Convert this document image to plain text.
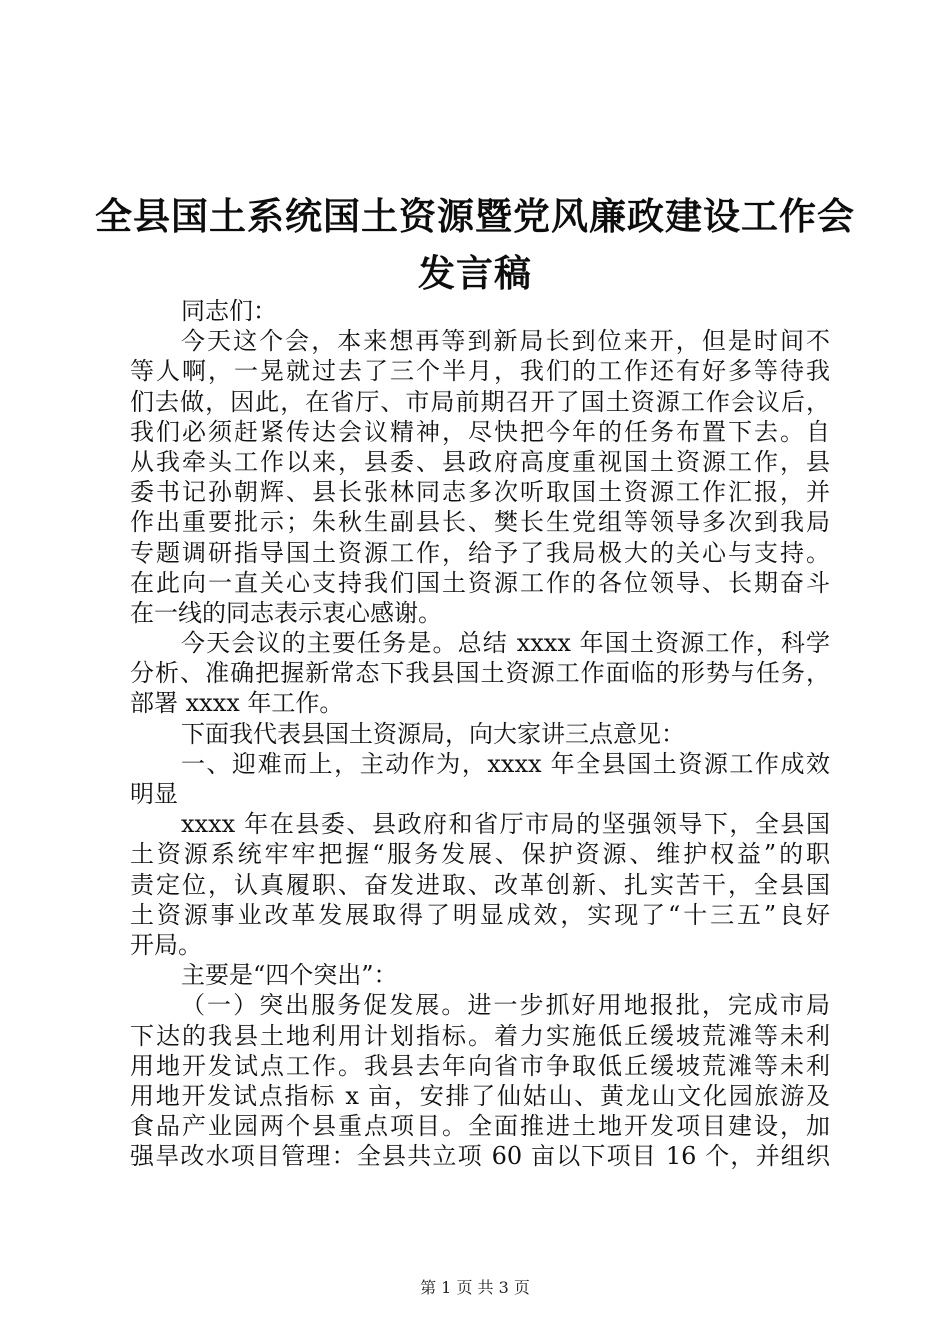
全县国土系统国土资源暨党风廉政建设工作会
发言稿
同志们：
今天这个会，本来想再等到新局长到位来开，但是时间不
等人啊，一晃就过去了三个半月，我们的工作还有好多等待我
们去做，因此，在省厅、市局前期召开了国土资源工作会议后，
我们必须赶紧传达会议精神，尽快把今年的任务布置下去。自
从我牵头工作以来，县委、县政府高度重视国土资源工作，县
委书记孙朝辉、县长张林同志多次听取国土资源工作汇报，并
作出重要批示；朱秋生副县长、樊长生党组等领导多次到我局
专题调研指导国土资源工作，给予了我局极大的关心与支持。
在此向一直关心支持我们国土资源工作的各位领导、长期奋斗
在一线的同志表示衷心感谢。
今天会议的主要任务是。总结 xxxx 年国土资源工作，科学
分析、准确把握新常态下我县国土资源工作面临的形势与任务，
部署 xxxx 年工作。
下面我代表县国土资源局，向大家讲三点意见：
一、迎难而上，主动作为，xxxx 年全县国土资源工作成效
明显
xxxx 年在县委、县政府和省厅市局的坚强领导下，全县国
土资源系统牢牢把握“服务发展、保护资源、维护权益”的职
责定位，认真履职、奋发进取、改革创新、扎实苦干，全县国
土资源事业改革发展取得了明显成效，实现了“十三五”良好
开局。
主要是“四个突出”：
（一）突出服务促发展。进一步抓好用地报批，完成市局
下达的我县土地利用计划指标。着力实施低丘缓坡荒滩等未利
用地开发试点工作。我县去年向省市争取低丘缓坡荒滩等未利
用地开发试点指标 x 亩，安排了仙姑山、黄龙山文化园旅游及
食品产业园两个县重点项目。全面推进土地开发项目建设，加
强旱改水项目管理：全县共立项 60 亩以下项目 16 个，并组织
第 1 页 共 3 页
